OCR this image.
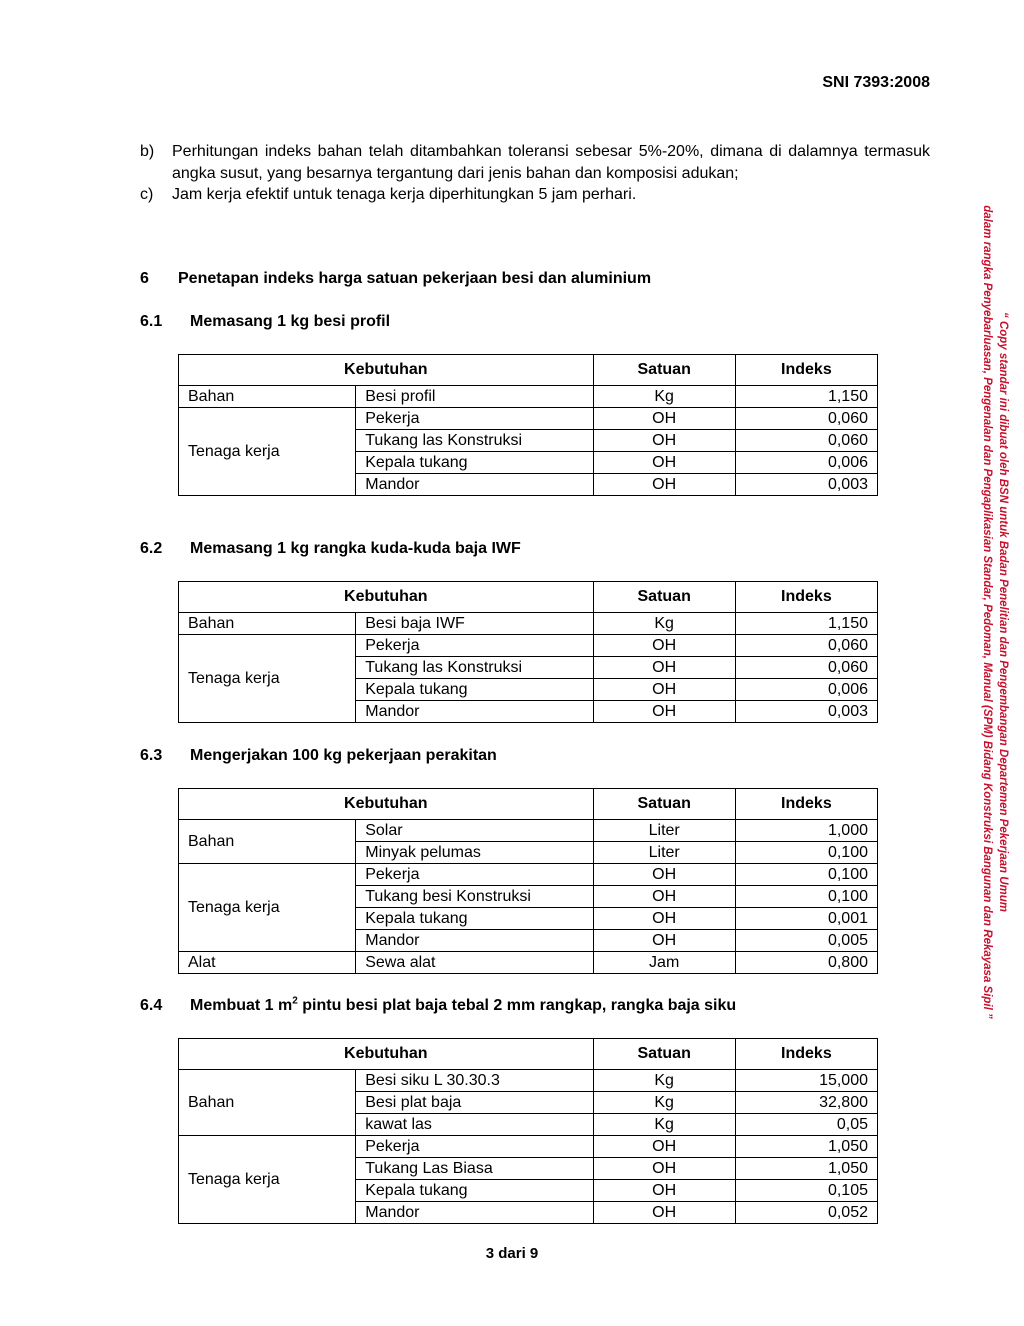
SNI 7393:2008
b)	Perhitungan indeks bahan telah ditambahkan toleransi sebesar 5%-20%, dimana di dalamnya termasuk angka susut, yang besarnya tergantung dari jenis bahan dan komposisi adukan;
c)	Jam kerja efektif untuk tenaga kerja diperhitungkan 5 jam perhari.
6 Penetapan indeks harga satuan pekerjaan besi dan aluminium
6.1 Memasang 1 kg besi profil
Kebutuhan		Satuan	Indeks
Bahan	Besi profil	Kg	1,150
Tenaga kerja	Pekerja	OH	0,060
	Tukang las Konstruksi	OH	0,060
	Kepala tukang	OH	0,006
	Mandor	OH	0,003
6.2 Memasang 1 kg rangka kuda-kuda baja IWF
Kebutuhan		Satuan	Indeks
Bahan	Besi baja IWF	Kg	1,150
Tenaga kerja	Pekerja	OH	0,060
	Tukang las Konstruksi	OH	0,060
	Kepala tukang	OH	0,006
	Mandor	OH	0,003
6.3 Mengerjakan 100 kg pekerjaan perakitan
Kebutuhan		Satuan	Indeks
Bahan	Solar	Liter	1,000
	Minyak pelumas	Liter	0,100
Tenaga kerja	Pekerja	OH	0,100
	Tukang besi Konstruksi	OH	0,100
	Kepala tukang	OH	0,001
	Mandor	OH	0,005
Alat	Sewa alat	Jam	0,800
6.4 Membuat 1 $m^2$ pintu besi plat baja tebal 2 mm rangkap, rangka baja siku
Kebutuhan		Satuan	Indeks
Bahan	Besi siku L 30.30.3	Kg	15,000
	Besi plat baja	Kg	32,800
	kawat las	Kg	0,05
Tenaga kerja	Pekerja	OH	1,050
	Tukang Las Biasa	OH	1,050
	Kepala tukang	OH	0,105
	Mandor	OH	0,052
“ Copy standar ini dibuat oleh BSN untuk Badan Penelitian dan Pengembangan Departemen Pekerjaan Umum
dalam rangka Penyebarluasan, Pengenalan dan Pengaplikasian Standar, Pedoman, Manual (SPM) Bidang Konstruksi Bangunan dan Rekayasa Sipil ”
3 dari 9
